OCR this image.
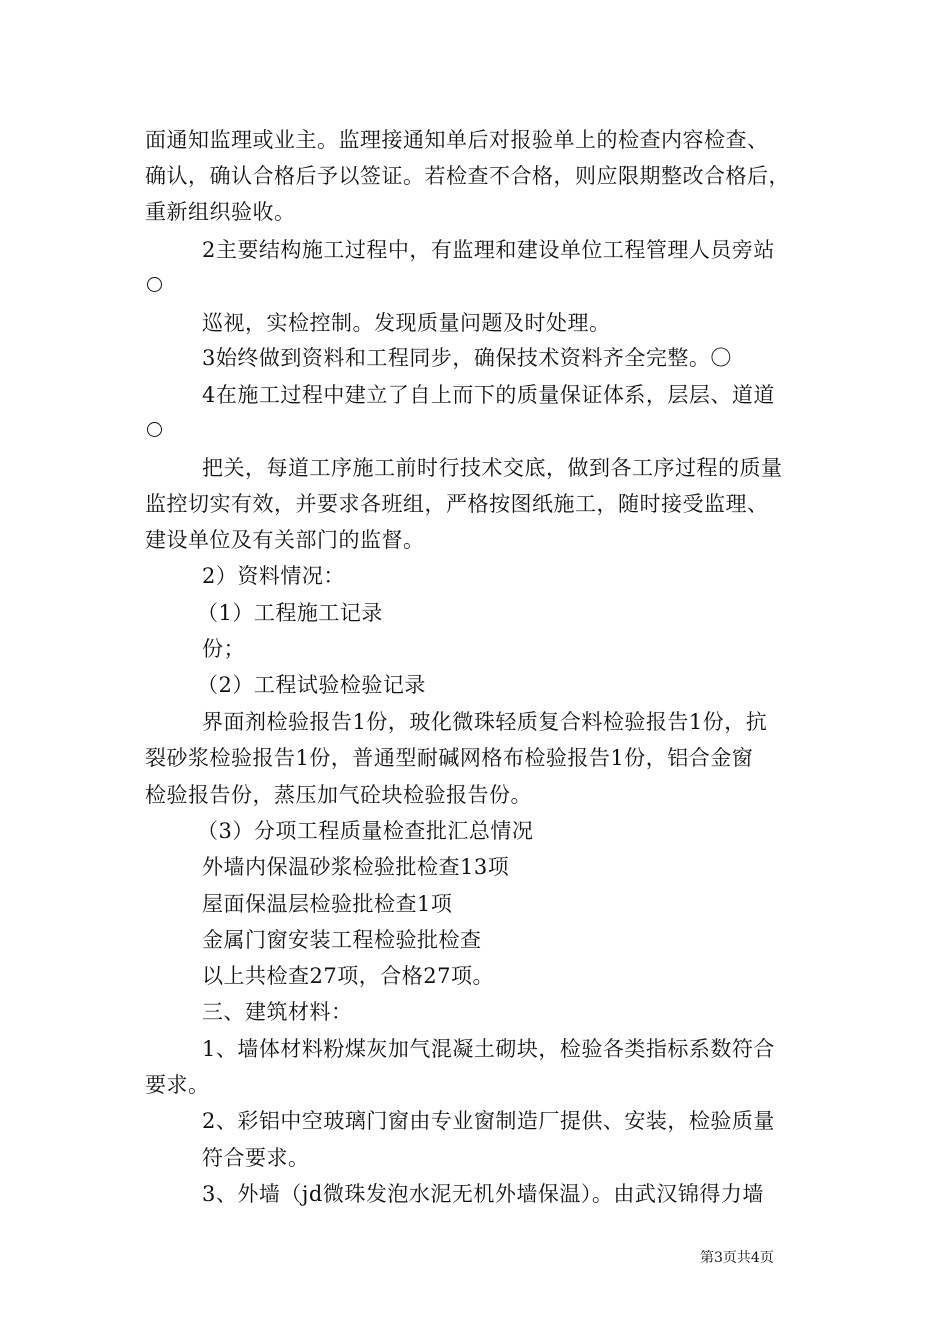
面通知监理或业主。监理接通知单后对报验单上的检查内容检查、
确认，确认合格后予以签证。若检查不合格，则应限期整改合格后，
重新组织验收。
2主要结构施工过程中，有监理和建设单位工程管理人员旁站
巡视，实检控制。发现质量问题及时处理。
3始终做到资料和工程同步，确保技术资料齐全完整。〇
4在施工过程中建立了自上而下的质量保证体系，层层、道道
把关，每道工序施工前时行技术交底，做到各工序过程的质量
监控切实有效，并要求各班组，严格按图纸施工，随时接受监理、
建设单位及有关部门的监督。
2）资料情况：
（1）工程施工记录
份；
（2）工程试验检验记录
界面剂检验报告1份，玻化微珠轻质复合料检验报告1份，抗
裂砂浆检验报告1份，普通型耐碱网格布检验报告1份，铝合金窗
检验报告份，蒸压加气砼块检验报告份。
（3）分项工程质量检查批汇总情况
外墙内保温砂浆检验批检查13项
屋面保温层检验批检查1项
金属门窗安装工程检验批检查
以上共检查27项，合格27项。
三、建筑材料：
1、墙体材料粉煤灰加气混凝土砌块，检验各类指标系数符合
要求。
2、彩铝中空玻璃门窗由专业窗制造厂提供、安装，检验质量
符合要求。
3、外墙（jd微珠发泡水泥无机外墙保温）。由武汉锦得力墙
第3页共4页
